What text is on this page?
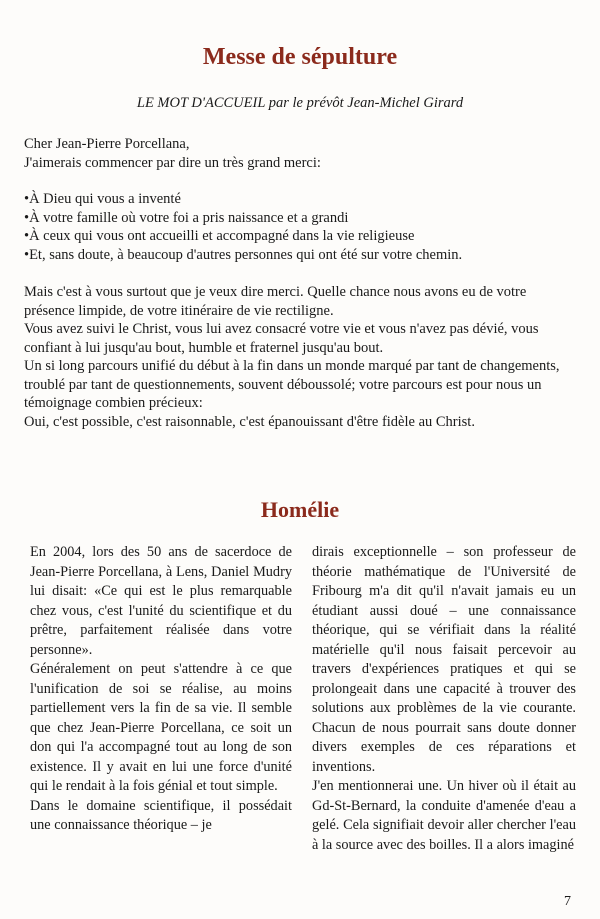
Messe de sépulture
LE MOT D'ACCUEIL par le prévôt Jean-Michel Girard

Cher Jean-Pierre Porcellana,

J'aimerais commencer par dire un très grand merci:

• À Dieu qui vous a inventé
• À votre famille où votre foi a pris naissance et a grandi
• À ceux qui vous ont accueilli et accompagné dans la vie religieuse
• Et, sans doute, à beaucoup d'autres personnes qui ont été sur votre chemin.

Mais c'est à vous surtout que je veux dire merci. Quelle chance nous avons eu de votre présence limpide, de votre itinéraire de vie rectiligne.

Vous avez suivi le Christ, vous lui avez consacré votre vie et vous n'avez pas dévié, vous confiant à lui jusqu'au bout, humble et fraternel jusqu'au bout.

Un si long parcours unifié du début à la fin dans un monde marqué par tant de changements, troublé par tant de questionnements, souvent déboussolé; votre parcours est pour nous un témoignage combien précieux:

Oui, c'est possible, c'est raisonnable, c'est épanouissant d'être fidèle au Christ.

Homélie

En 2004, lors des 50 ans de sacerdoce de Jean-Pierre Porcellana, à Lens, Daniel Mudry lui disait: «Ce qui est le plus remarquable chez vous, c'est l'unité du scientifique et du prêtre, parfaitement réalisée dans votre personne».

Généralement on peut s'attendre à ce que l'unification de soi se réalise, au moins partiellement vers la fin de sa vie. Il semble que chez Jean-Pierre Porcellana, ce soit un don qui l'a accompagné tout au long de son existence. Il y avait en lui une force d'unité qui le rendait à la fois génial et tout simple.

Dans le domaine scientifique, il possédait une connaissance théorique – je

dirais exceptionnelle – son professeur de théorie mathématique de l'Université de Fribourg m'a dit qu'il n'avait jamais eu un étudiant aussi doué – une connaissance théorique, qui se vérifiait dans la réalité matérielle qu'il nous faisait percevoir au travers d'expériences pratiques et qui se prolongeait dans une capacité à trouver des solutions aux problèmes de la vie courante. Chacun de nous pourrait sans doute donner divers exemples de ces réparations et inventions.

J'en mentionnerai une. Un hiver où il était au Gd-St-Bernard, la conduite d'amenée d'eau a gelé. Cela signifiait devoir aller chercher l'eau à la source avec des boilles. Il a alors imaginé

7
